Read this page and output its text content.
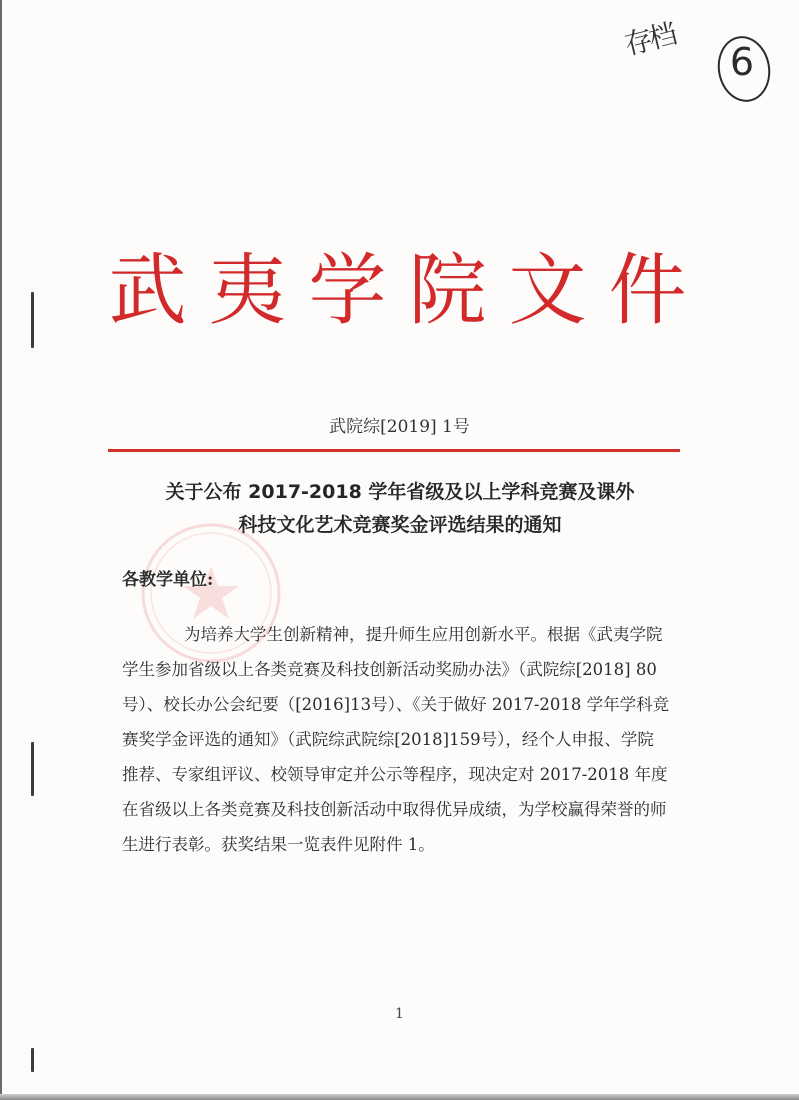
存档
6
武夷学院文件
武院综[2019] 1号
关于公布 2017-2018 学年省级及以上学科竞赛及课外
科技文化艺术竞赛奖金评选结果的通知
各教学单位:
为培养大学生创新精神，提升师生应用创新水平。根据《武夷学院学生参加省级以上各类竞赛及科技创新活动奖励办法》（武院综[2018] 80号）、校长办公会纪要（[2016]13号）、《关于做好 2017-2018 学年学科竞赛奖学金评选的通知》（武院综武院综[2018]159号），经个人申报、学院推荐、专家组评议、校领导审定并公示等程序，现决定对 2017-2018 年度在省级以上各类竞赛及科技创新活动中取得优异成绩，为学校赢得荣誉的师生进行表彰。获奖结果一览表件见附件 1。
1
